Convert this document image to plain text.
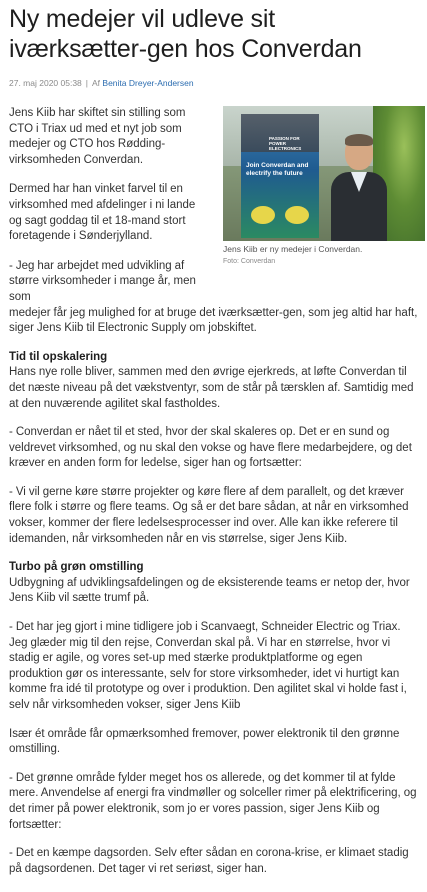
Ny medejer vil udleve sit iværksætter-gen hos Converdan
27. maj 2020 05:38 | Af Benita Dreyer-Andersen
PASSION FOR POWER ELECTRONICS
Join Converdan and electrify the future
Jens Kiib er ny medejer i Converdan.
Foto: Converdan

Jens Kiib har skiftet sin stilling som CTO i Triax ud med et nyt job som medejer og CTO hos Rødding-virksomheden Converdan.

Dermed har han vinket farvel til en virksomhed med afdelinger i ni lande og sagt goddag til et 18-mand stort foretagende i Sønderjylland.

- Jeg har arbejdet med udvikling af større virksomheder i mange år, men som

medejer får jeg mulighed for at bruge det iværksætter-gen, som jeg altid har haft, siger Jens Kiib til Electronic Supply om jobskiftet.

Tid til opskalering

Hans nye rolle bliver, sammen med den øvrige ejerkreds, at løfte Converdan til det næste niveau på det vækstventyr, som de står på tærsklen af. Samtidig med at den nuværende agilitet skal fastholdes.

- Converdan er nået til et sted, hvor der skal skaleres op. Det er en sund og veldrevet virksomhed, og nu skal den vokse og have flere medarbejdere, og det kræver en anden form for ledelse, siger han og fortsætter:

- Vi vil gerne køre større projekter og køre flere af dem parallelt, og det kræver flere folk i større og flere teams. Og så er det bare sådan, at når en virksomhed vokser, kommer der flere ledelsesprocesser ind over. Alle kan ikke referere til idemanden, når virksomheden når en vis størrelse, siger Jens Kiib.

Turbo på grøn omstilling

Udbygning af udviklingsafdelingen og de eksisterende teams er netop der, hvor Jens Kiib vil sætte trumf på.

- Det har jeg gjort i mine tidligere job i Scanvaegt, Schneider Electric og Triax. Jeg glæder mig til den rejse, Converdan skal på. Vi har en størrelse, hvor vi stadig er agile, og vores set-up med stærke produktplatforme og egen produktion gør os interessante, selv for store virksomheder, idet vi hurtigt kan komme fra idé til prototype og over i produktion. Den agilitet skal vi holde fast i, selv når virksomheden vokser, siger Jens Kiib

Især ét område får opmærksomhed fremover, power elektronik til den grønne omstilling.

- Det grønne område fylder meget hos os allerede, og det kommer til at fylde mere. Anvendelse af energi fra vindmøller og solceller rimer på elektrificering, og det rimer på power elektronik, som jo er vores passion, siger Jens Kiib og fortsætter:

- Det en kæmpe dagsorden. Selv efter sådan en corona-krise, er klimaet stadig på dagsordenen. Det tager vi ret seriøst, siger han.
